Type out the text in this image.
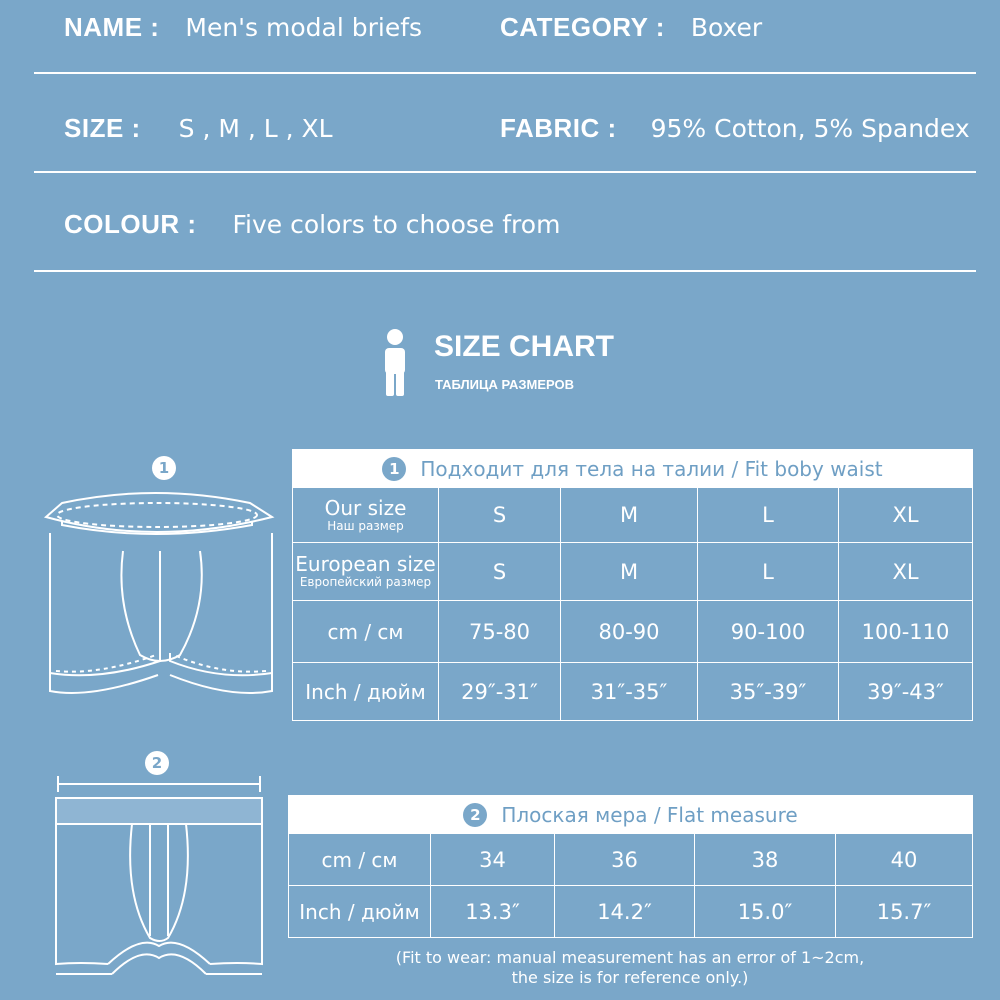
NAME : Men's modal briefs	CATEGORY : Boxer
SIZE : S , M , L , XL	FABRIC : 95% Cotton, 5% Spandex
COLOUR : Five colors to choose from
SIZE CHART
ТАБЛИЦА РАЗМЕРОВ
1
2
1 Подходит для тела на талии / Fit boby waist				
Our size
Наш размер	S	M	L	XL
European size
Европейский размер	S	M	L	XL
cm / см	75-80	80-90	90-100	100-110
Inch / дюйм	29″-31″	31″-35″	35″-39″	39″-43″
2 Плоская мера / Flat measure				
cm / см	34	36	38	40
Inch / дюйм	13.3″	14.2″	15.0″	15.7″
(Fit to wear: manual measurement has an error of 1~2cm,
the size is for reference only.)
